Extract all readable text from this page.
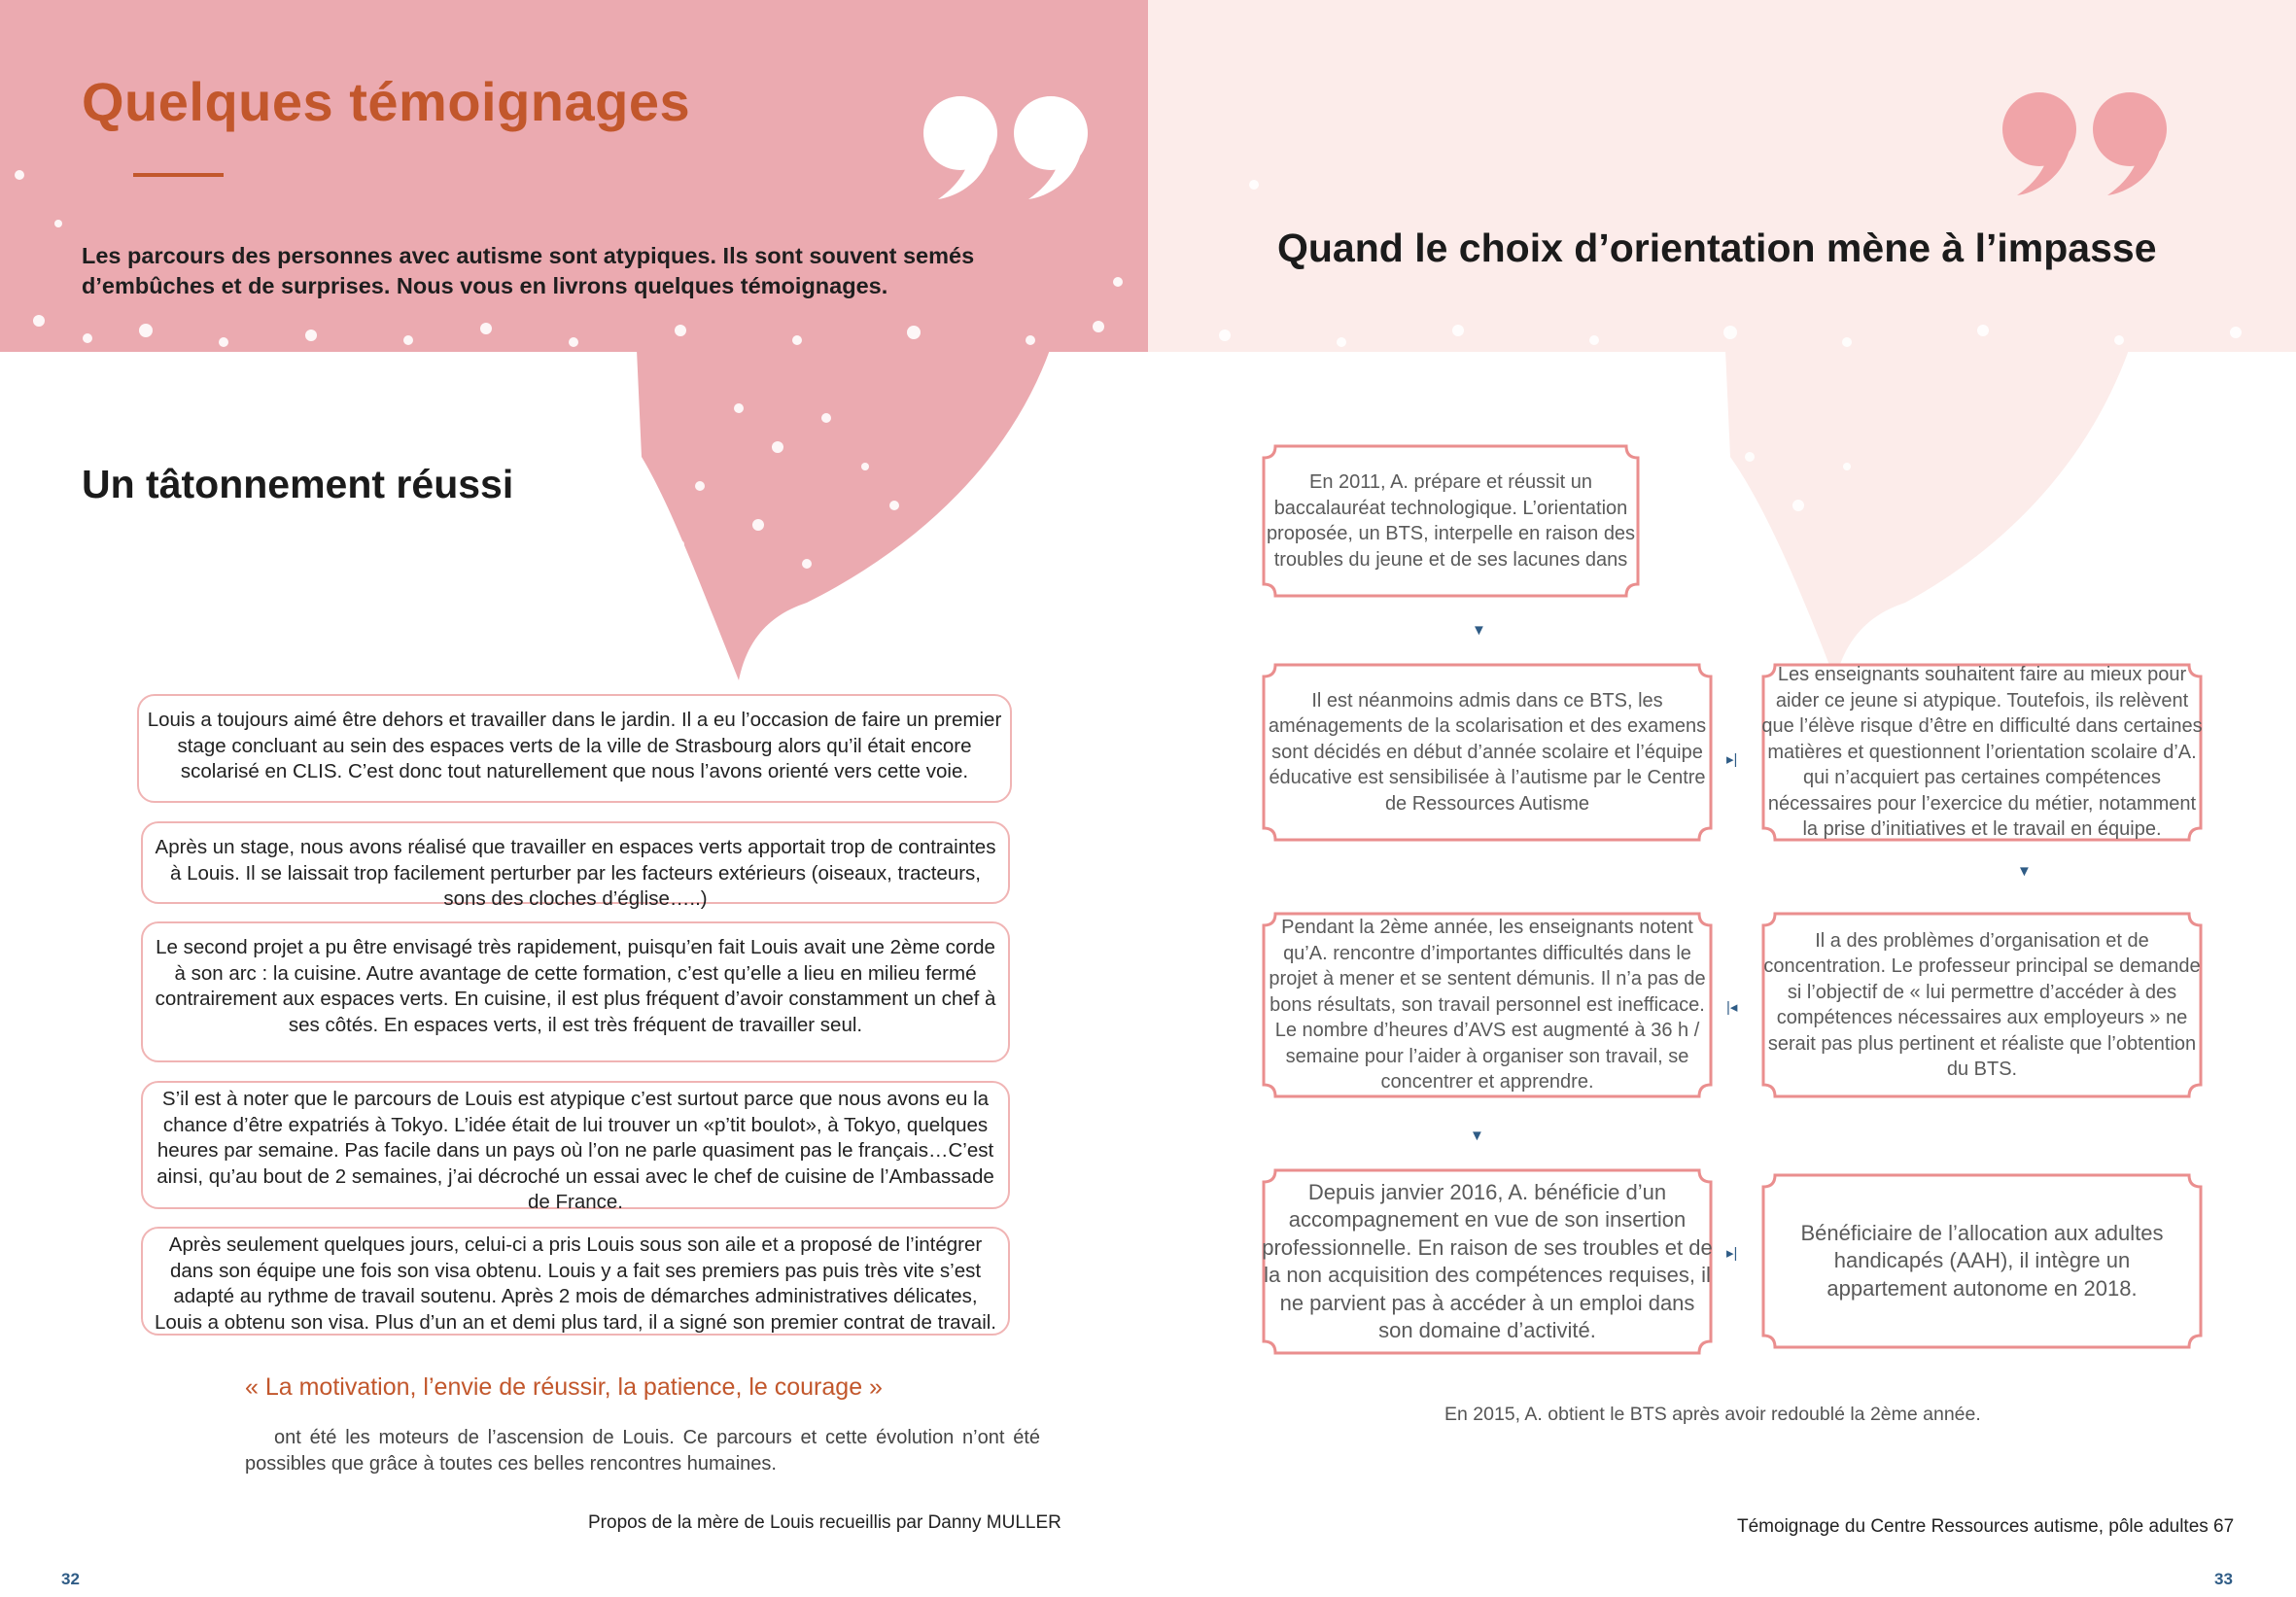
Quelques témoignages
Les parcours des personnes avec autisme sont atypiques. Ils sont souvent semés d’embûches et de surprises. Nous vous en livrons quelques témoignages.
Un tâtonnement réussi
Louis a toujours aimé être dehors et travailler dans le jardin. Il a eu l’occasion de faire un premier stage concluant au sein des espaces verts de la ville de Strasbourg alors qu’il était encore scolarisé en CLIS. C’est donc tout naturellement que nous l’avons orienté vers cette voie.
Après un stage, nous avons réalisé que travailler en espaces verts apportait trop de contraintes à Louis. Il se laissait trop facilement perturber par les facteurs extérieurs (oiseaux, tracteurs, sons des cloches d’église…..)
Le second projet a pu être envisagé très rapidement, puisqu’en fait Louis avait une 2ème corde à son arc : la cuisine. Autre avantage de cette formation, c’est qu’elle a lieu en milieu fermé contrairement aux espaces verts. En cuisine, il est plus fréquent d’avoir constamment un chef à ses côtés. En espaces verts, il est très fréquent de travailler seul.
S’il est à noter que le parcours de Louis est atypique c’est surtout parce que nous avons eu la chance d’être expatriés à Tokyo. L’idée était de lui trouver un «p’tit boulot», à Tokyo, quelques heures par semaine. Pas facile dans un pays où l’on ne parle quasiment pas le français…C’est ainsi, qu’au bout de 2 semaines, j’ai décroché un essai avec le chef de cuisine de l’Ambassade de France.
Après seulement quelques jours, celui-ci a pris Louis sous son aile et a proposé de l’intégrer dans son équipe une fois son visa obtenu. Louis y a fait ses premiers pas puis très vite s’est adapté au rythme de travail soutenu. Après 2 mois de démarches administratives délicates, Louis a obtenu son visa. Plus d’un an et demi plus tard, il a signé son premier contrat de travail.
« La motivation, l’envie de réussir, la patience, le courage »
ont été les moteurs de l’ascension de Louis. Ce parcours et cette évolution n’ont été possibles que grâce à toutes ces belles rencontres humaines.
Propos de la mère de Louis recueillis par Danny MULLER
32
Quand le choix d’orientation mène à l’impasse
En 2011, A. prépare et réussit un baccalauréat technologique. L’orientation proposée, un BTS, interpelle en raison des troubles du jeune et de ses lacunes dans
▼
Il est néanmoins admis dans ce BTS, les aménagements de la scolarisation et des examens sont décidés en début d’année scolaire et l’équipe éducative est sensibilisée à l’autisme par le Centre de Ressources Autisme
▸|
Les enseignants souhaitent faire au mieux pour aider ce jeune si atypique. Toutefois, ils relèvent que l’élève risque d’être en difficulté dans certaines matières et questionnent l’orientation scolaire d’A. qui n’acquiert pas certaines compétences nécessaires pour l’exercice du métier, notamment la prise d’initiatives et le travail en équipe.
▼
Pendant la 2ème année, les enseignants notent qu’A. rencontre d’importantes difficultés dans le projet à mener et se sentent démunis. Il n’a pas de bons résultats, son travail personnel est inefficace. Le nombre d’heures d’AVS est augmenté à 36 h / semaine pour l’aider à organiser son travail, se concentrer et apprendre.
|◂
Il a des problèmes d’organisation et de concentration. Le professeur principal se demande si l’objectif de « lui permettre d’accéder à des compétences nécessaires aux employeurs » ne serait pas plus pertinent et réaliste que l’obtention du BTS.
▼
Depuis janvier 2016, A. bénéficie d’un accompagnement en vue de son insertion professionnelle. En raison de ses troubles et de la non acquisition des compétences requises, il ne parvient pas à accéder à un emploi dans son domaine d’activité.
▸|
Bénéficiaire de l’allocation aux adultes handicapés (AAH), il intègre un appartement autonome en 2018.
En 2015, A. obtient le BTS après avoir redoublé la 2ème année.
Témoignage du Centre Ressources autisme, pôle adultes 67
33
